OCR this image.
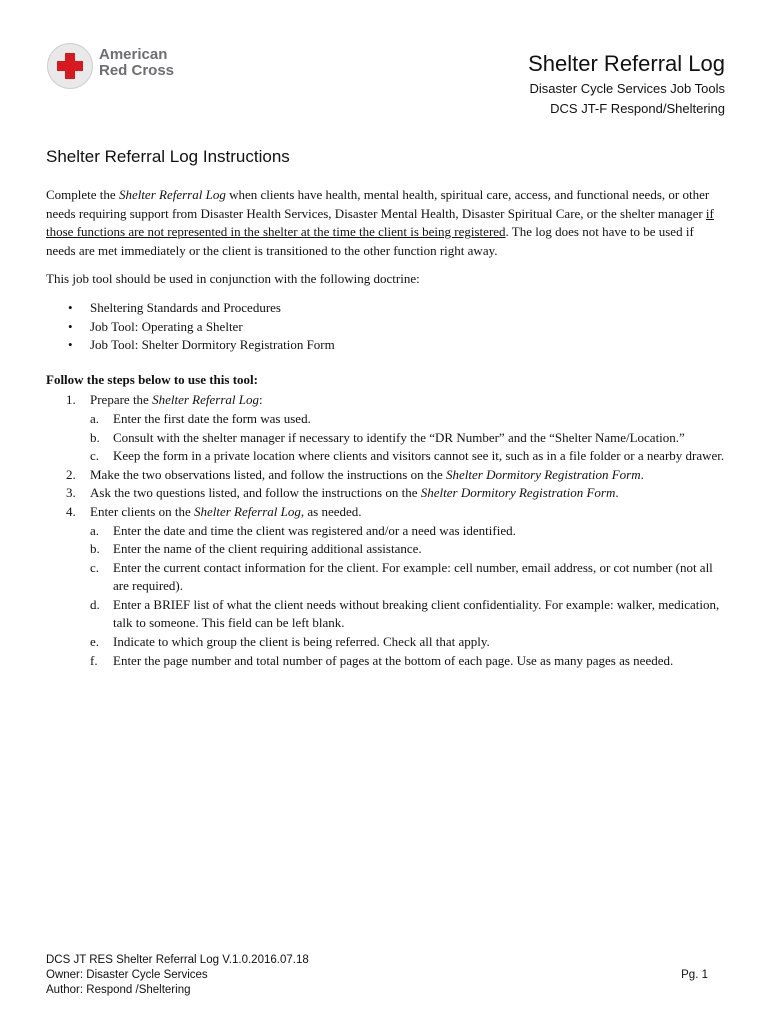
American
Red Cross	Shelter Referral Log
Disaster Cycle Services Job Tools
DCS JT-F Respond/Sheltering
Shelter Referral Log Instructions

Complete the Shelter Referral Log when clients have health, mental health, spiritual care, access, and functional needs, or other needs requiring support from Disaster Health Services, Disaster Mental Health, Disaster Spiritual Care, or the shelter manager if those functions are not represented in the shelter at the time the client is being registered. The log does not have to be used if needs are met immediately or the client is transitioned to the other function right away.

This job tool should be used in conjunction with the following doctrine:

• Sheltering Standards and Procedures
• Job Tool: Operating a Shelter
• Job Tool: Shelter Dormitory Registration Form
Follow the steps below to use this tool:
1. Prepare the Shelter Referral Log:
a. Enter the first date the form was used.
b. Consult with the shelter manager if necessary to identify the “DR Number” and the “Shelter Name/Location.”
c. Keep the form in a private location where clients and visitors cannot see it, such as in a file folder or a nearby drawer.
2. Make the two observations listed, and follow the instructions on the Shelter Dormitory Registration Form.
3. Ask the two questions listed, and follow the instructions on the Shelter Dormitory Registration Form.
4. Enter clients on the Shelter Referral Log, as needed.
a. Enter the date and time the client was registered and/or a need was identified.
b. Enter the name of the client requiring additional assistance.
c. Enter the current contact information for the client. For example: cell number, email address, or cot number (not all are required).
d. Enter a BRIEF list of what the client needs without breaking client confidentiality. For example: walker, medication, talk to someone. This field can be left blank.
e. Indicate to which group the client is being referred. Check all that apply.
f. Enter the page number and total number of pages at the bottom of each page. Use as many pages as needed.
DCS JT RES Shelter Referral Log V.1.0.2016.07.18
Owner: Disaster Cycle Services
Author: Respond /Sheltering
Pg. 1
